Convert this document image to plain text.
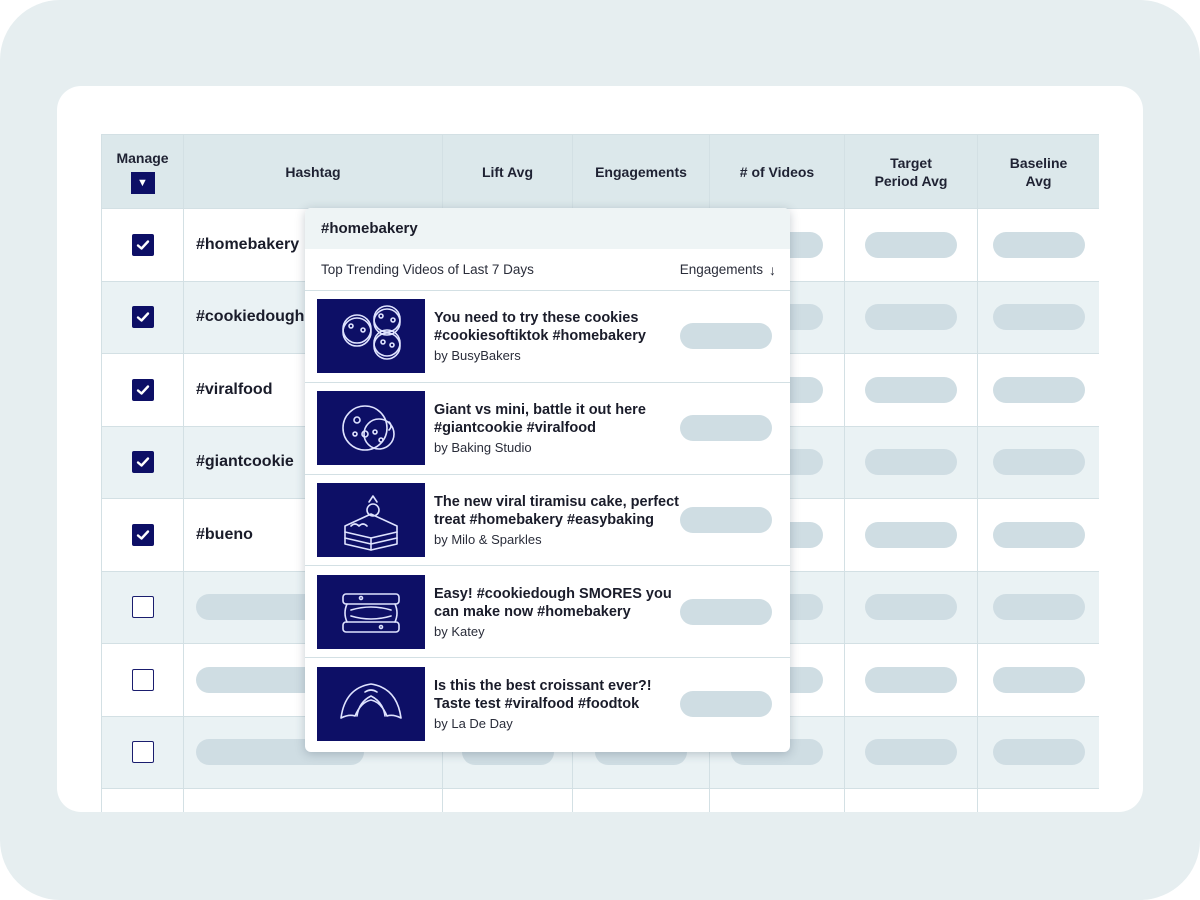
Manage
▼	Hashtag	Lift Avg	Engagements	# of Videos	Target Period Avg	Baseline Avg

	#homebakery	

	#cookiedough	

	#viralfood	

	#giantcookie	

	#bueno	

#homebakery
Top Trending Videos of Last 7 Days	Engagements ↓
You need to try these cookies #cookiesoftiktok #homebakery
by BusyBakers
Giant vs mini, battle it out here #giantcookie #viralfood
by Baking Studio
The new viral tiramisu cake, perfect treat #homebakery #easybaking
by Milo & Sparkles
Easy! #cookiedough SMORES you can make now #homebakery
by Katey
Is this the best croissant ever?! Taste test #viralfood #foodtok
by La De Day
